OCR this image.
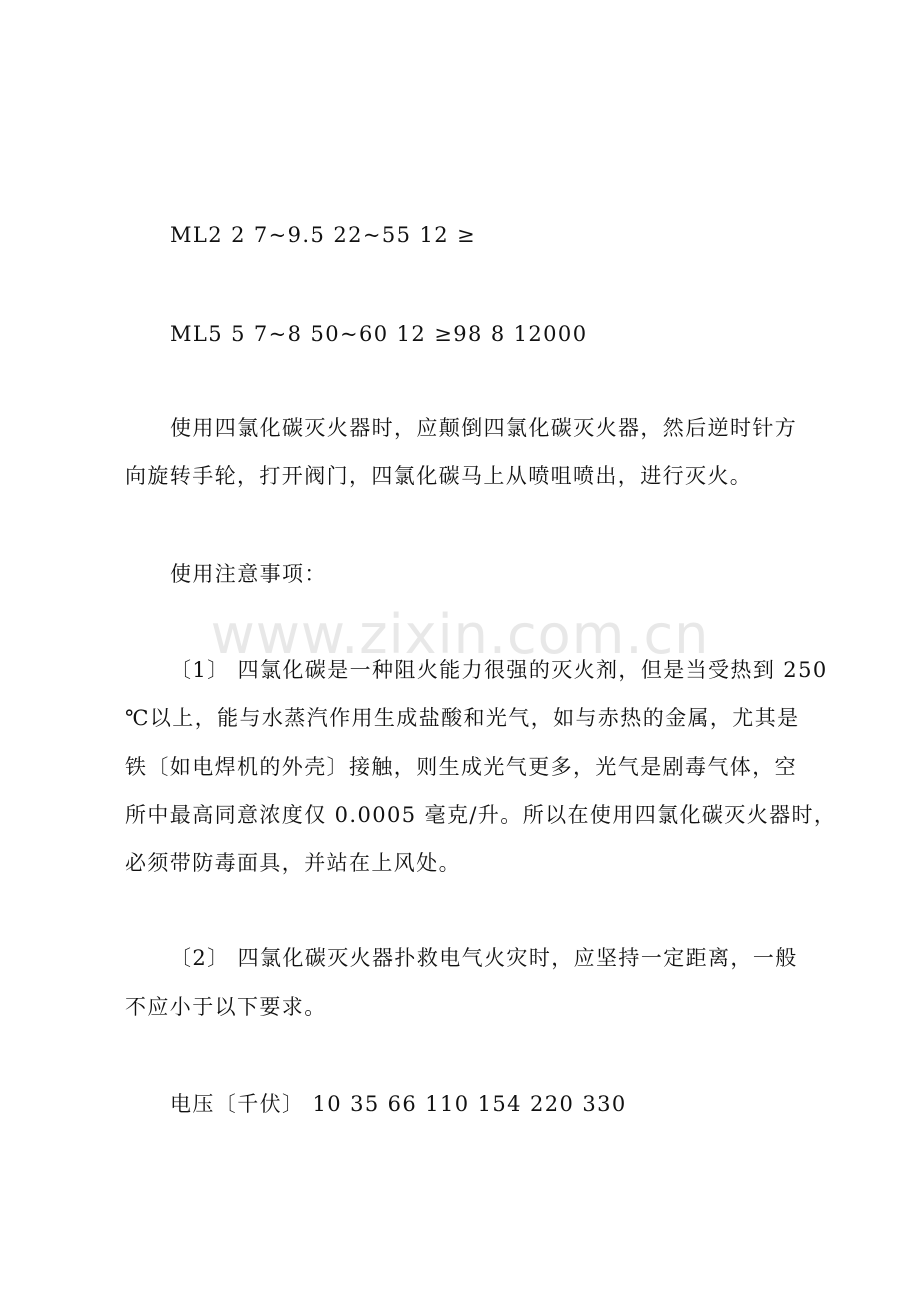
ML2 2 7~9.5 22~55 12 ≥
ML5 5 7~8 50~60 12 ≥98 8 12000
使用四氯化碳灭火器时，应颠倒四氯化碳灭火器，然后逆时针方
向旋转手轮，打开阀门，四氯化碳马上从喷咀喷出，进行灭火。
使用注意事项：
〔1〕 四氯化碳是一种阻火能力很强的灭火剂，但是当受热到 250
℃以上，能与水蒸汽作用生成盐酸和光气，如与赤热的金属，尤其是
铁〔如电焊机的外壳〕接触，则生成光气更多，光气是剧毒气体，空
所中最高同意浓度仅 0.0005 毫克/升。所以在使用四氯化碳灭火器时，
必须带防毒面具，并站在上风处。
〔2〕 四氯化碳灭火器扑救电气火灾时，应坚持一定距离，一般
不应小于以下要求。
电压〔千伏〕 10 35 66 110 154 220 330
www.zixin.com.cn
